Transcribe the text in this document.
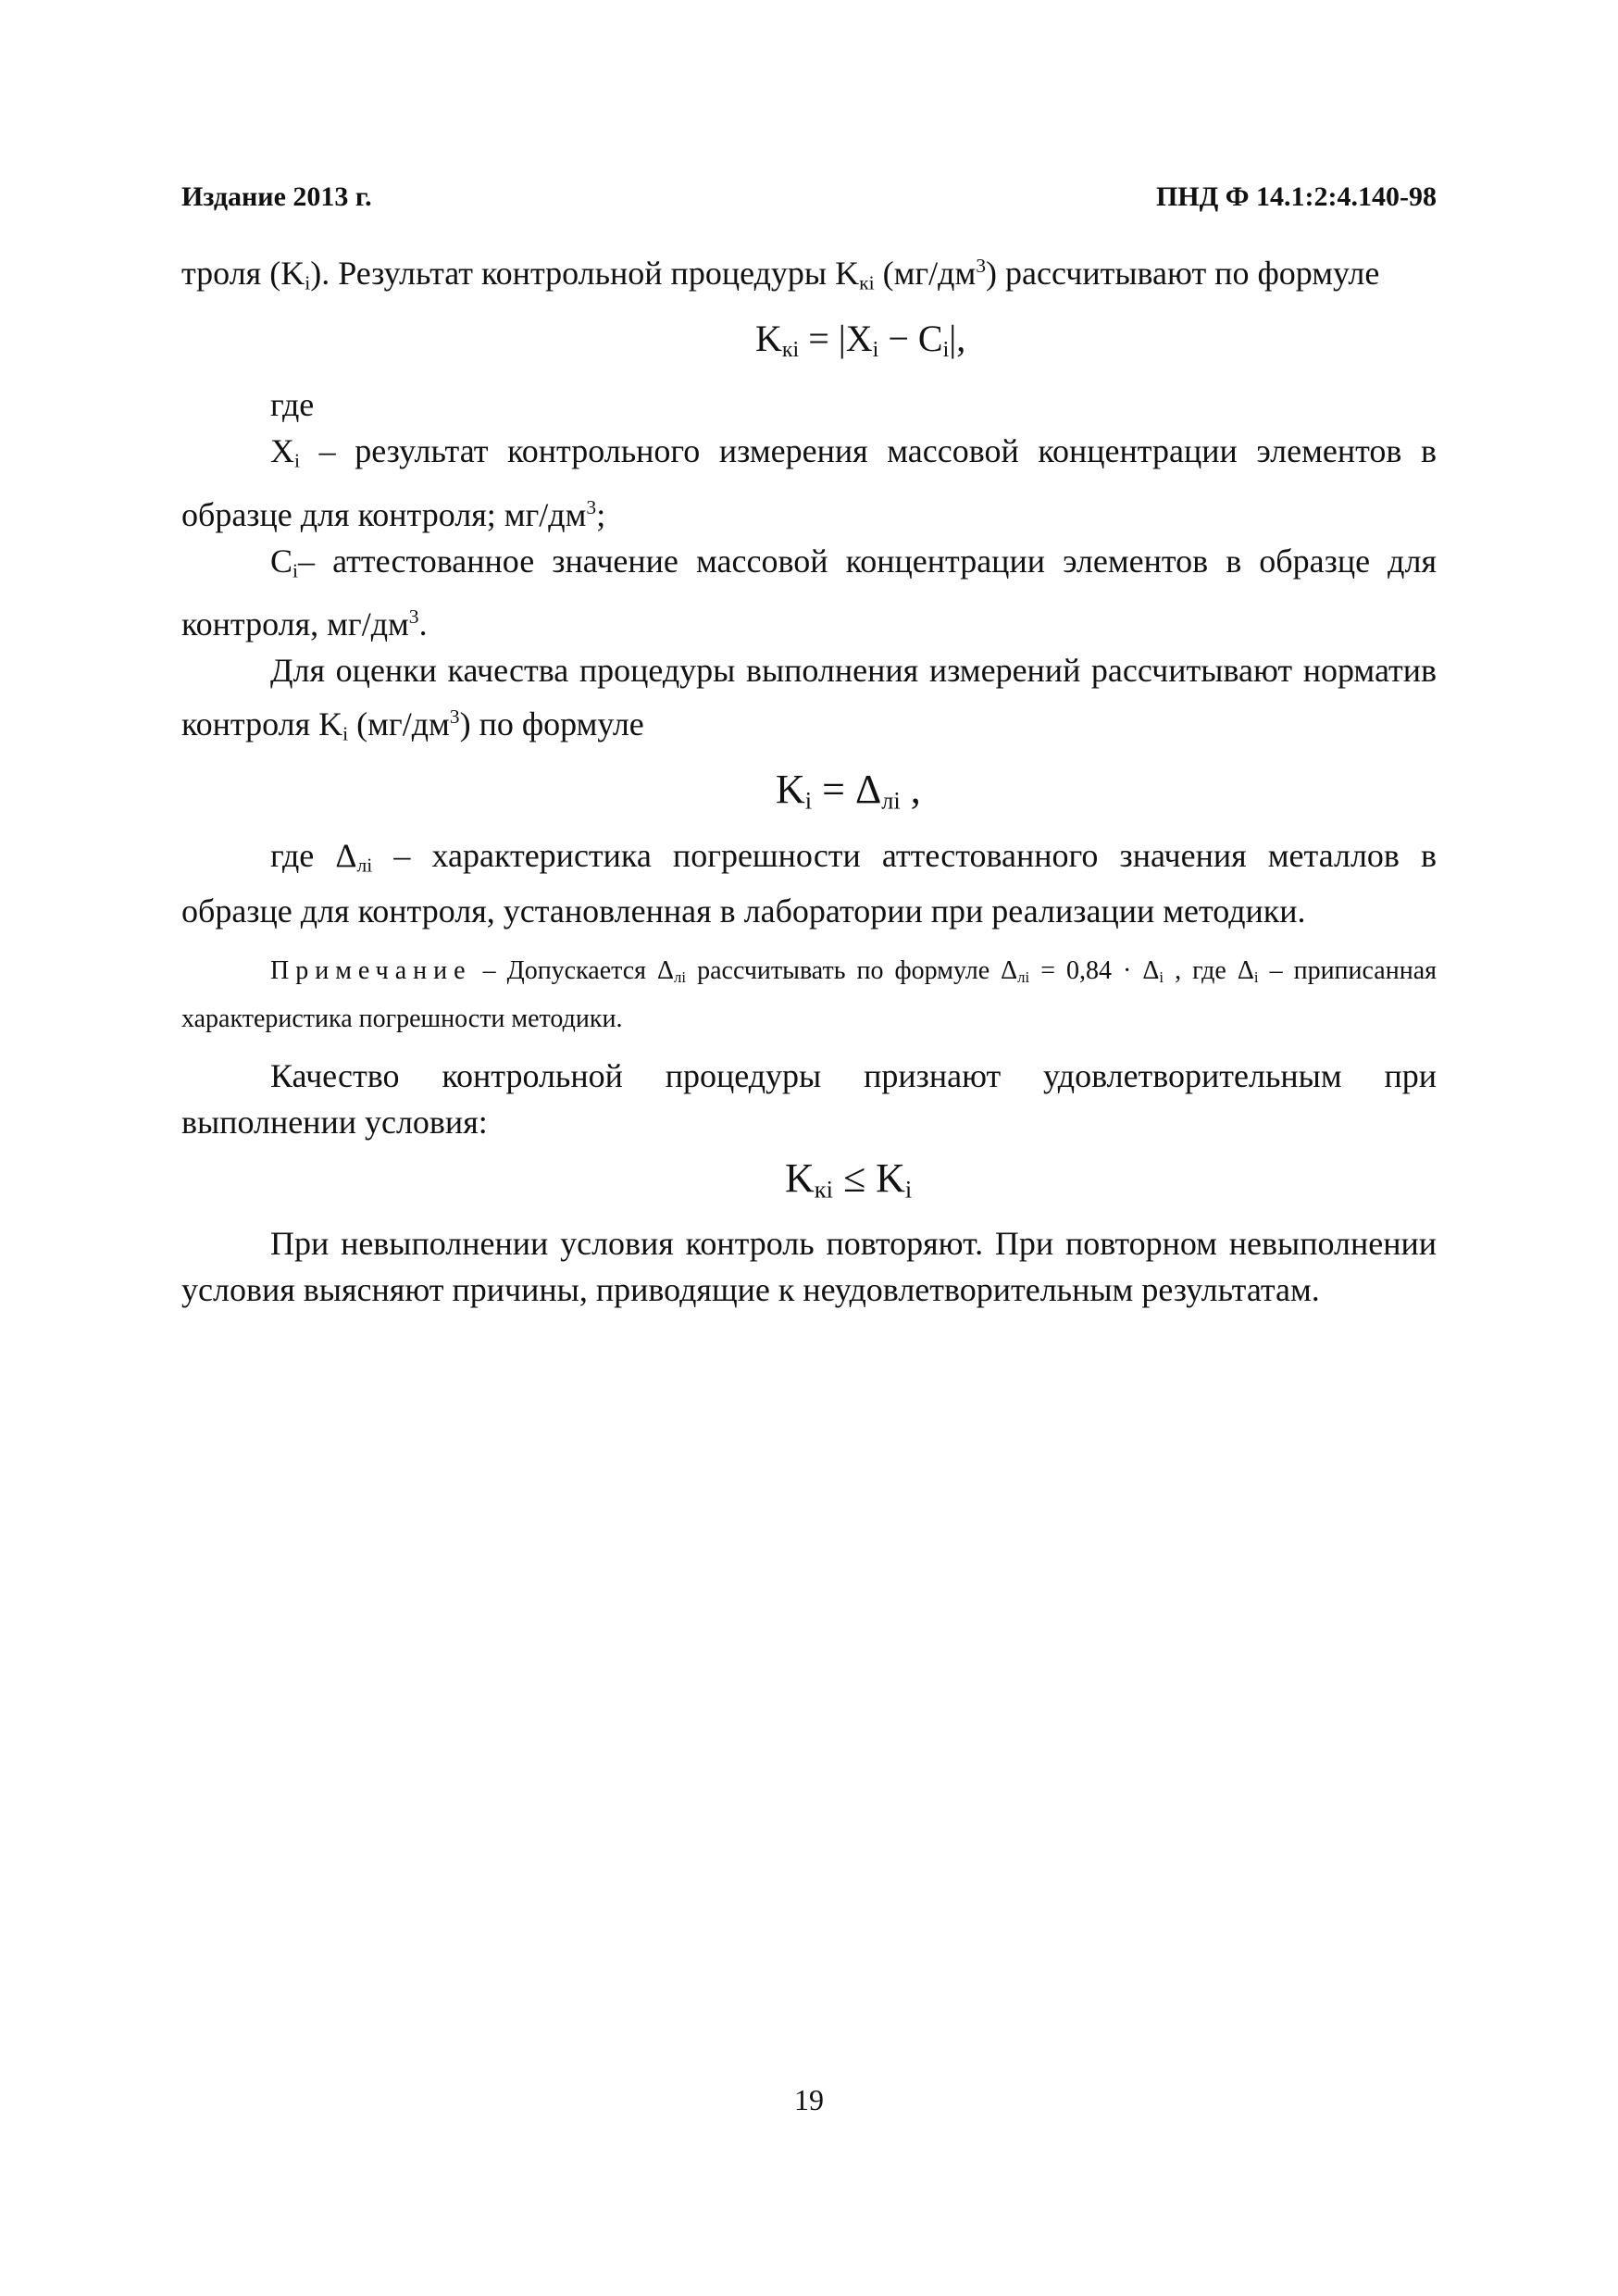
Издание 2013 г.	ПНД Ф 14.1:2:4.140-98

троля $(K_i)$. Результат контрольной процедуры $K_{кі}$ $(мг/дм^3)$ рассчитывают по формуле

$K_{кі} = |X_i - C_i|$,

где

$X_i$ – результат контрольного измерения массовой концентрации элементов в образце для контроля; $мг/дм^3$;

$C_i-$ аттестованное значение массовой концентрации элементов в образце для контроля, $мг/дм^3$.

Для оценки качества процедуры выполнения измерений рассчитывают норматив контроля $K_i$ $(мг/дм^3)$ по формуле

$K_i = \Delta_{лі}$ ,

где $\Delta_{лі}$ – характеристика погрешности аттестованного значения металлов в образце для контроля, установленная в лаборатории при реализации методики.

Примечание – Допускается $\Delta_{лі}$ рассчитывать по формуле $\Delta_{лі} = 0,84 \cdot \Delta_i$ , где $\Delta_i$ – приписанная характеристика погрешности методики.

Качество контрольной процедуры признают удовлетворительным при выполнении условия:

$K_{кі} \le K_i$

При невыполнении условия контроль повторяют. При повторном невыполнении условия выясняют причины, приводящие к неудовлетворительным результатам.

19
